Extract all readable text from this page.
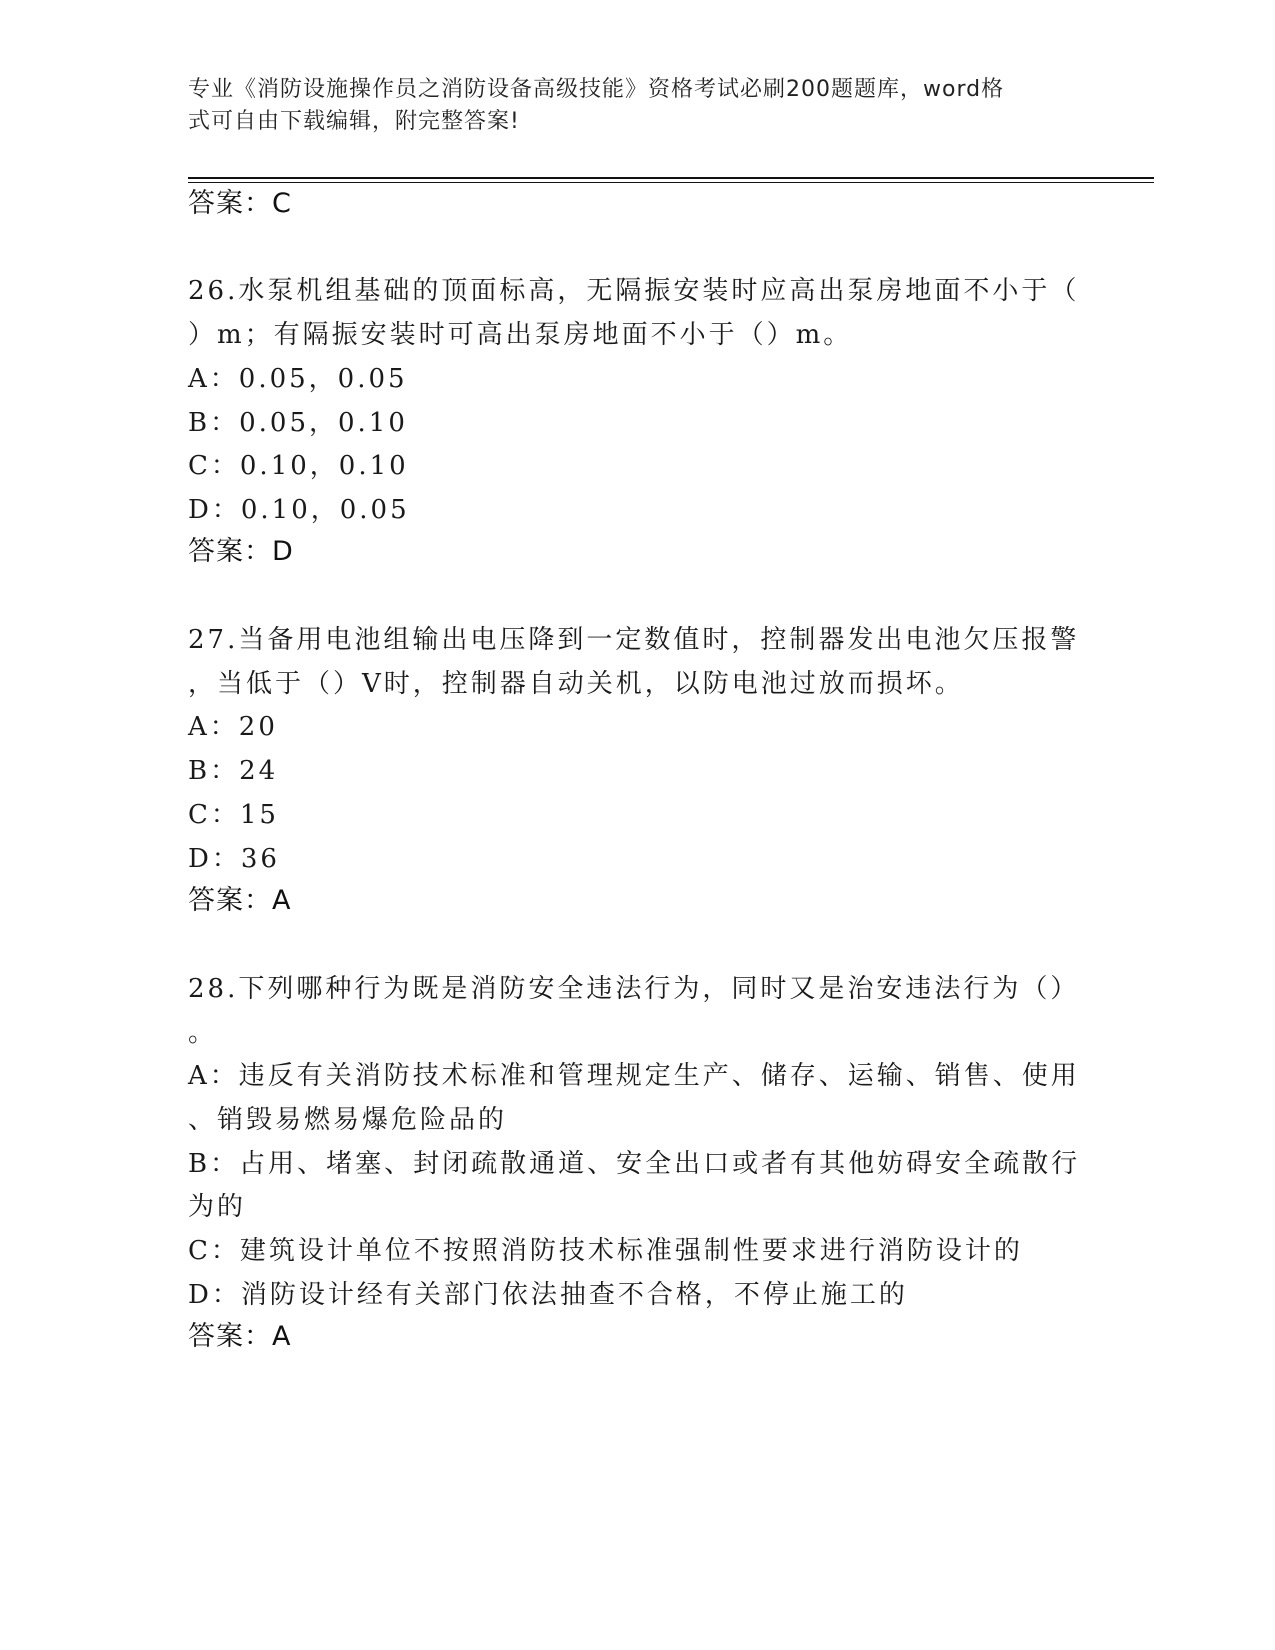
专业《消防设施操作员之消防设备高级技能》资格考试必刷200题题库，word格
式可自由下载编辑，附完整答案!
答案：C
26.水泵机组基础的顶面标高，无隔振安装时应高出泵房地面不小于（
）m；有隔振安装时可高出泵房地面不小于（）m。
A：0.05，0.05
B：0.05，0.10
C：0.10，0.10
D：0.10，0.05
答案：D
27.当备用电池组输出电压降到一定数值时，控制器发出电池欠压报警
，当低于（）V时，控制器自动关机，以防电池过放而损坏。
A：20
B：24
C：15
D：36
答案：A
28.下列哪种行为既是消防安全违法行为，同时又是治安违法行为（）
。
A：违反有关消防技术标准和管理规定生产、储存、运输、销售、使用
、销毁易燃易爆危险品的
B：占用、堵塞、封闭疏散通道、安全出口或者有其他妨碍安全疏散行
为的
C：建筑设计单位不按照消防技术标准强制性要求进行消防设计的
D：消防设计经有关部门依法抽查不合格，不停止施工的
答案：A
